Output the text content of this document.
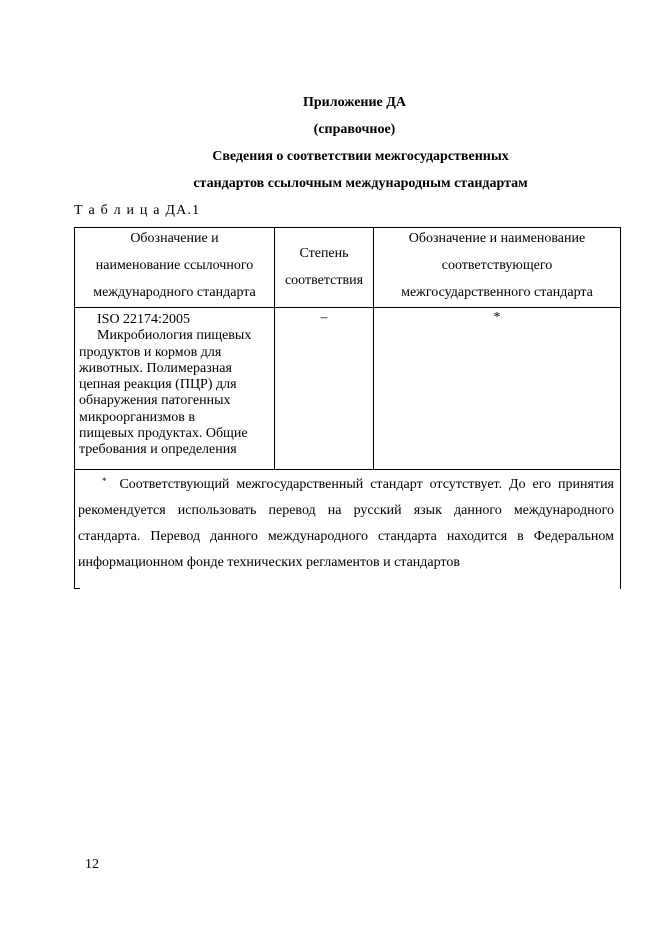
Приложение ДА
(справочное)
Сведения о соответствии межгосударственных
стандартов ссылочным международным стандартам
Т а б л и ц а ДА.1
Обозначение и
наименование ссылочного
международного стандарта
Степень
соответствия
Обозначение и наименование
соответствующего
межгосударственного стандарта
ISO 22174:2005
Микробиология пищевых
продуктов и кормов для
животных. Полимеразная
цепная реакция (ПЦР) для
обнаружения патогенных
микроорганизмов в
пищевых продуктах. Общие
требования и определения
–	*
* Соответствующий межгосударственный стандарт отсутствует. До его принятия рекомендуется использовать перевод на русский язык данного международного стандарта. Перевод данного международного стандарта находится в Федеральном информационном фонде технических регламентов и стандартов
12
